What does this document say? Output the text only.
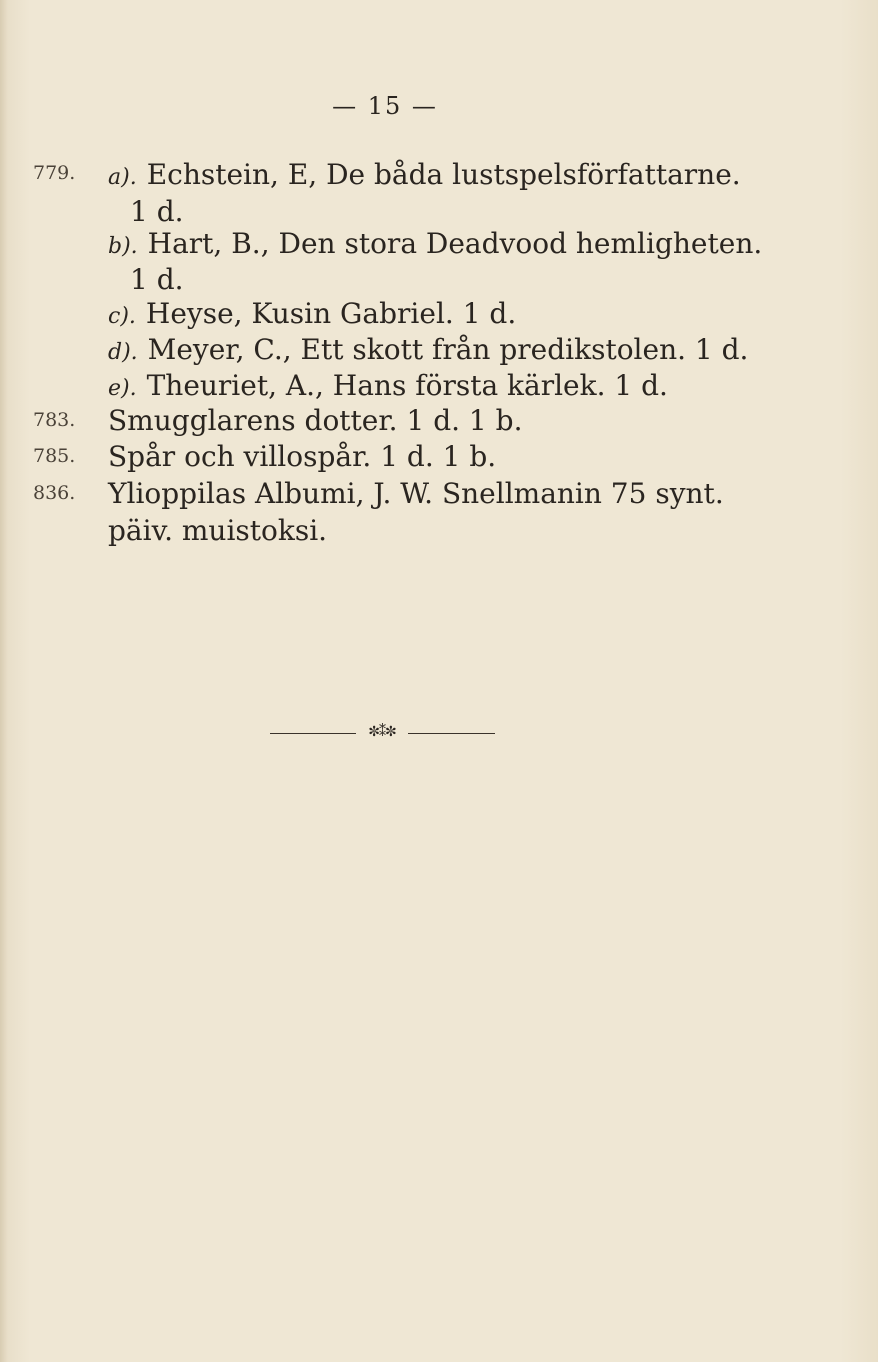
— 15 —
779. a). Echstein, E, De båda lustspelsförfattarne.
1 d.
b). Hart, B., Den stora Deadvood hemligheten.
1 d.
c). Heyse, Kusin Gabriel. 1 d.
d). Meyer, C., Ett skott från predikstolen. 1 d.
e). Theuriet, A., Hans första kärlek. 1 d.
783. Smugglarens dotter. 1 d. 1 b.
785. Spår och villospår. 1 d. 1 b.
836. Ylioppilas Albumi, J. W. Snellmanin 75 synt.
päiv. muistoksi.
✼⁑✼
